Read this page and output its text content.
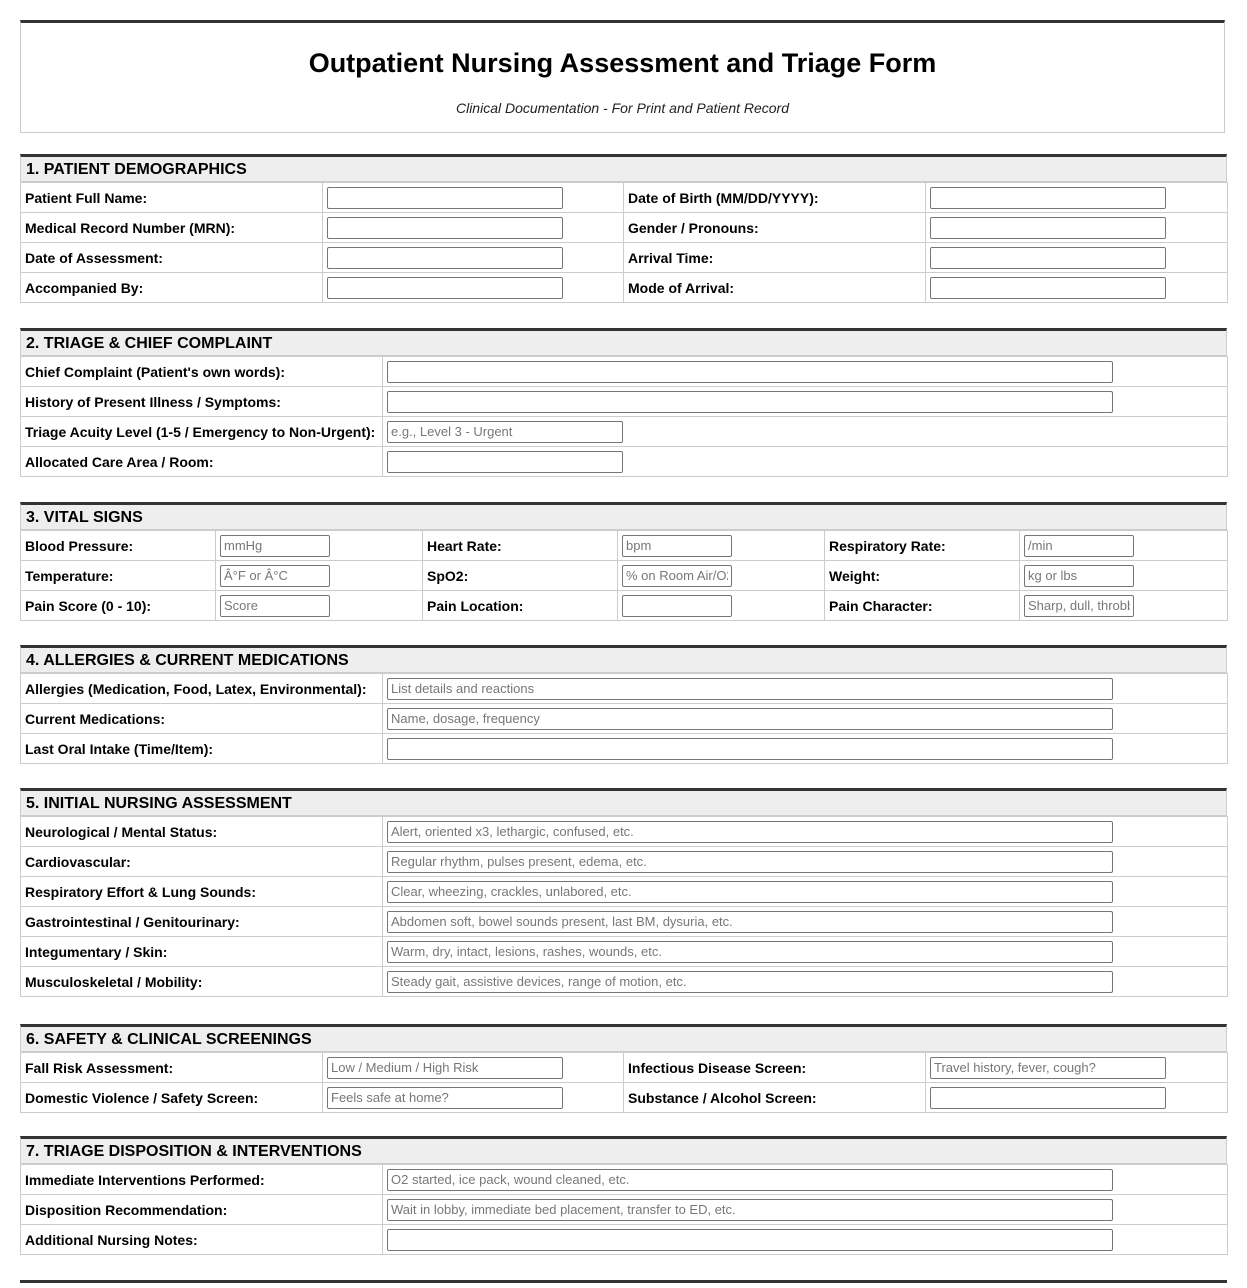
Outpatient Nursing Assessment and Triage Form
Clinical Documentation - For Print and Patient Record
1. PATIENT DEMOGRAPHICS
Patient Full Name:		Date of Birth (MM/DD/YYYY):	
Medical Record Number (MRN):		Gender / Pronouns:	
Date of Assessment:		Arrival Time:	
Accompanied By:		Mode of Arrival:	
2. TRIAGE & CHIEF COMPLAINT
Chief Complaint (Patient's own words):	
History of Present Illness / Symptoms:	
Triage Acuity Level (1-5 / Emergency to Non-Urgent):	e.g., Level 3 - Urgent
Allocated Care Area / Room:	
3. VITAL SIGNS
Blood Pressure:	mmHg	Heart Rate:	bpm	Respiratory Rate:	/min
Temperature:	Â°F or Â°C	SpO2:	% on Room Air/O2	Weight:	kg or lbs
Pain Score (0 - 10):	Score	Pain Location:		Pain Character:	Sharp, dull, throbbing
4. ALLERGIES & CURRENT MEDICATIONS
Allergies (Medication, Food, Latex, Environmental):	List details and reactions
Current Medications:	Name, dosage, frequency
Last Oral Intake (Time/Item):	
5. INITIAL NURSING ASSESSMENT
Neurological / Mental Status:	Alert, oriented x3, lethargic, confused, etc.
Cardiovascular:	Regular rhythm, pulses present, edema, etc.
Respiratory Effort & Lung Sounds:	Clear, wheezing, crackles, unlabored, etc.
Gastrointestinal / Genitourinary:	Abdomen soft, bowel sounds present, last BM, dysuria, etc.
Integumentary / Skin:	Warm, dry, intact, lesions, rashes, wounds, etc.
Musculoskeletal / Mobility:	Steady gait, assistive devices, range of motion, etc.
6. SAFETY & CLINICAL SCREENINGS
Fall Risk Assessment:	Low / Medium / High Risk	Infectious Disease Screen:	Travel history, fever, cough?
Domestic Violence / Safety Screen:	Feels safe at home?	Substance / Alcohol Screen:	
7. TRIAGE DISPOSITION & INTERVENTIONS
Immediate Interventions Performed:	O2 started, ice pack, wound cleaned, etc.
Disposition Recommendation:	Wait in lobby, immediate bed placement, transfer to ED, etc.
Additional Nursing Notes:	
